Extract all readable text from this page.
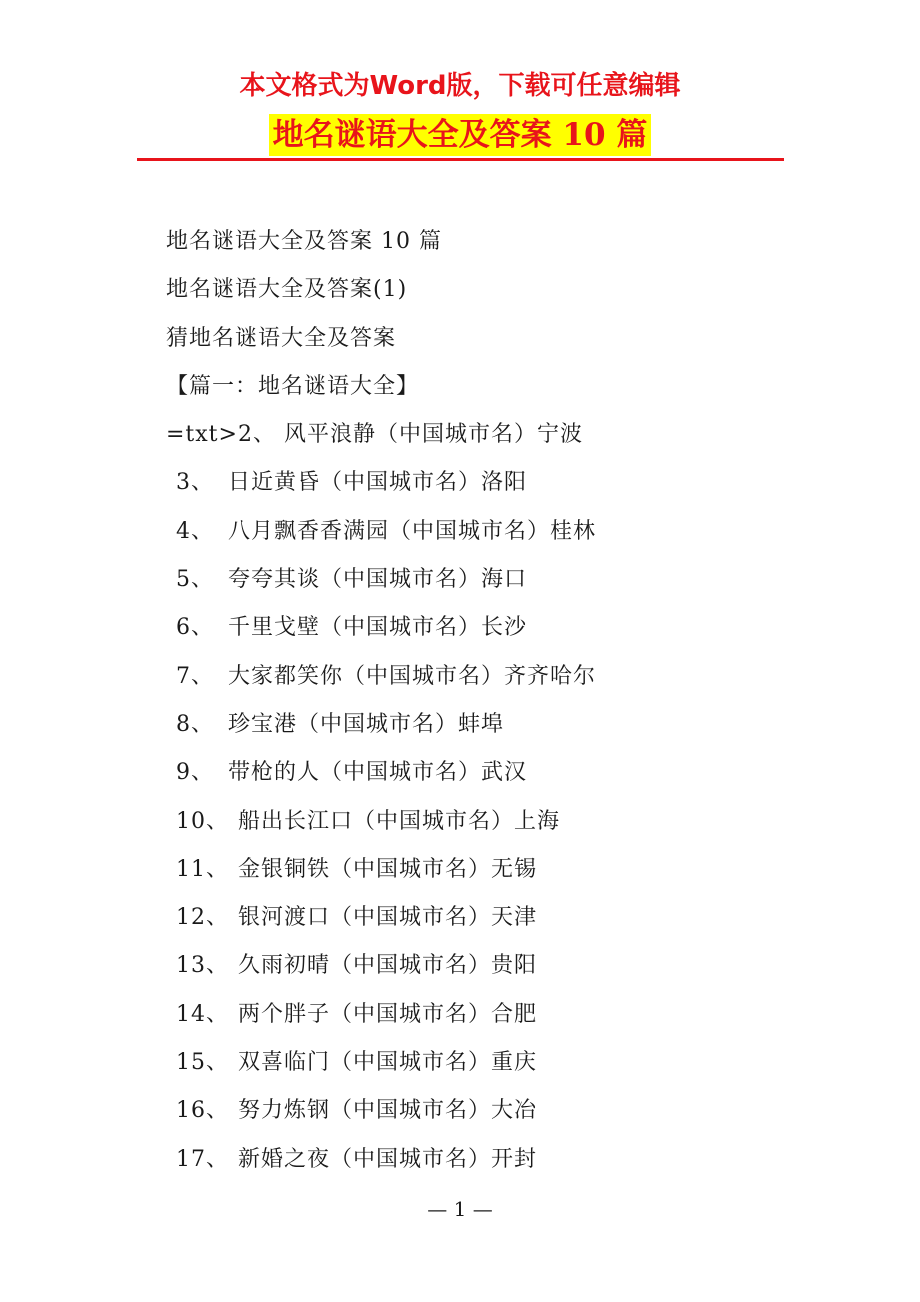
本文格式为Word版，下载可任意编辑
地名谜语大全及答案 10 篇
地名谜语大全及答案 10 篇
地名谜语大全及答案(1)
猜地名谜语大全及答案
【篇一：地名谜语大全】
=txt>2、 风平浪静（中国城市名）宁波
3、 日近黄昏（中国城市名）洛阳
4、 八月飘香香满园（中国城市名）桂林
5、 夸夸其谈（中国城市名）海口
6、 千里戈壁（中国城市名）长沙
7、 大家都笑你（中国城市名）齐齐哈尔
8、 珍宝港（中国城市名）蚌埠
9、 带枪的人（中国城市名）武汉
10、 船出长江口（中国城市名）上海
11、 金银铜铁（中国城市名）无锡
12、 银河渡口（中国城市名）天津
13、 久雨初晴（中国城市名）贵阳
14、 两个胖子（中国城市名）合肥
15、 双喜临门（中国城市名）重庆
16、 努力炼钢（中国城市名）大冶
17、 新婚之夜（中国城市名）开封
— 1 —
